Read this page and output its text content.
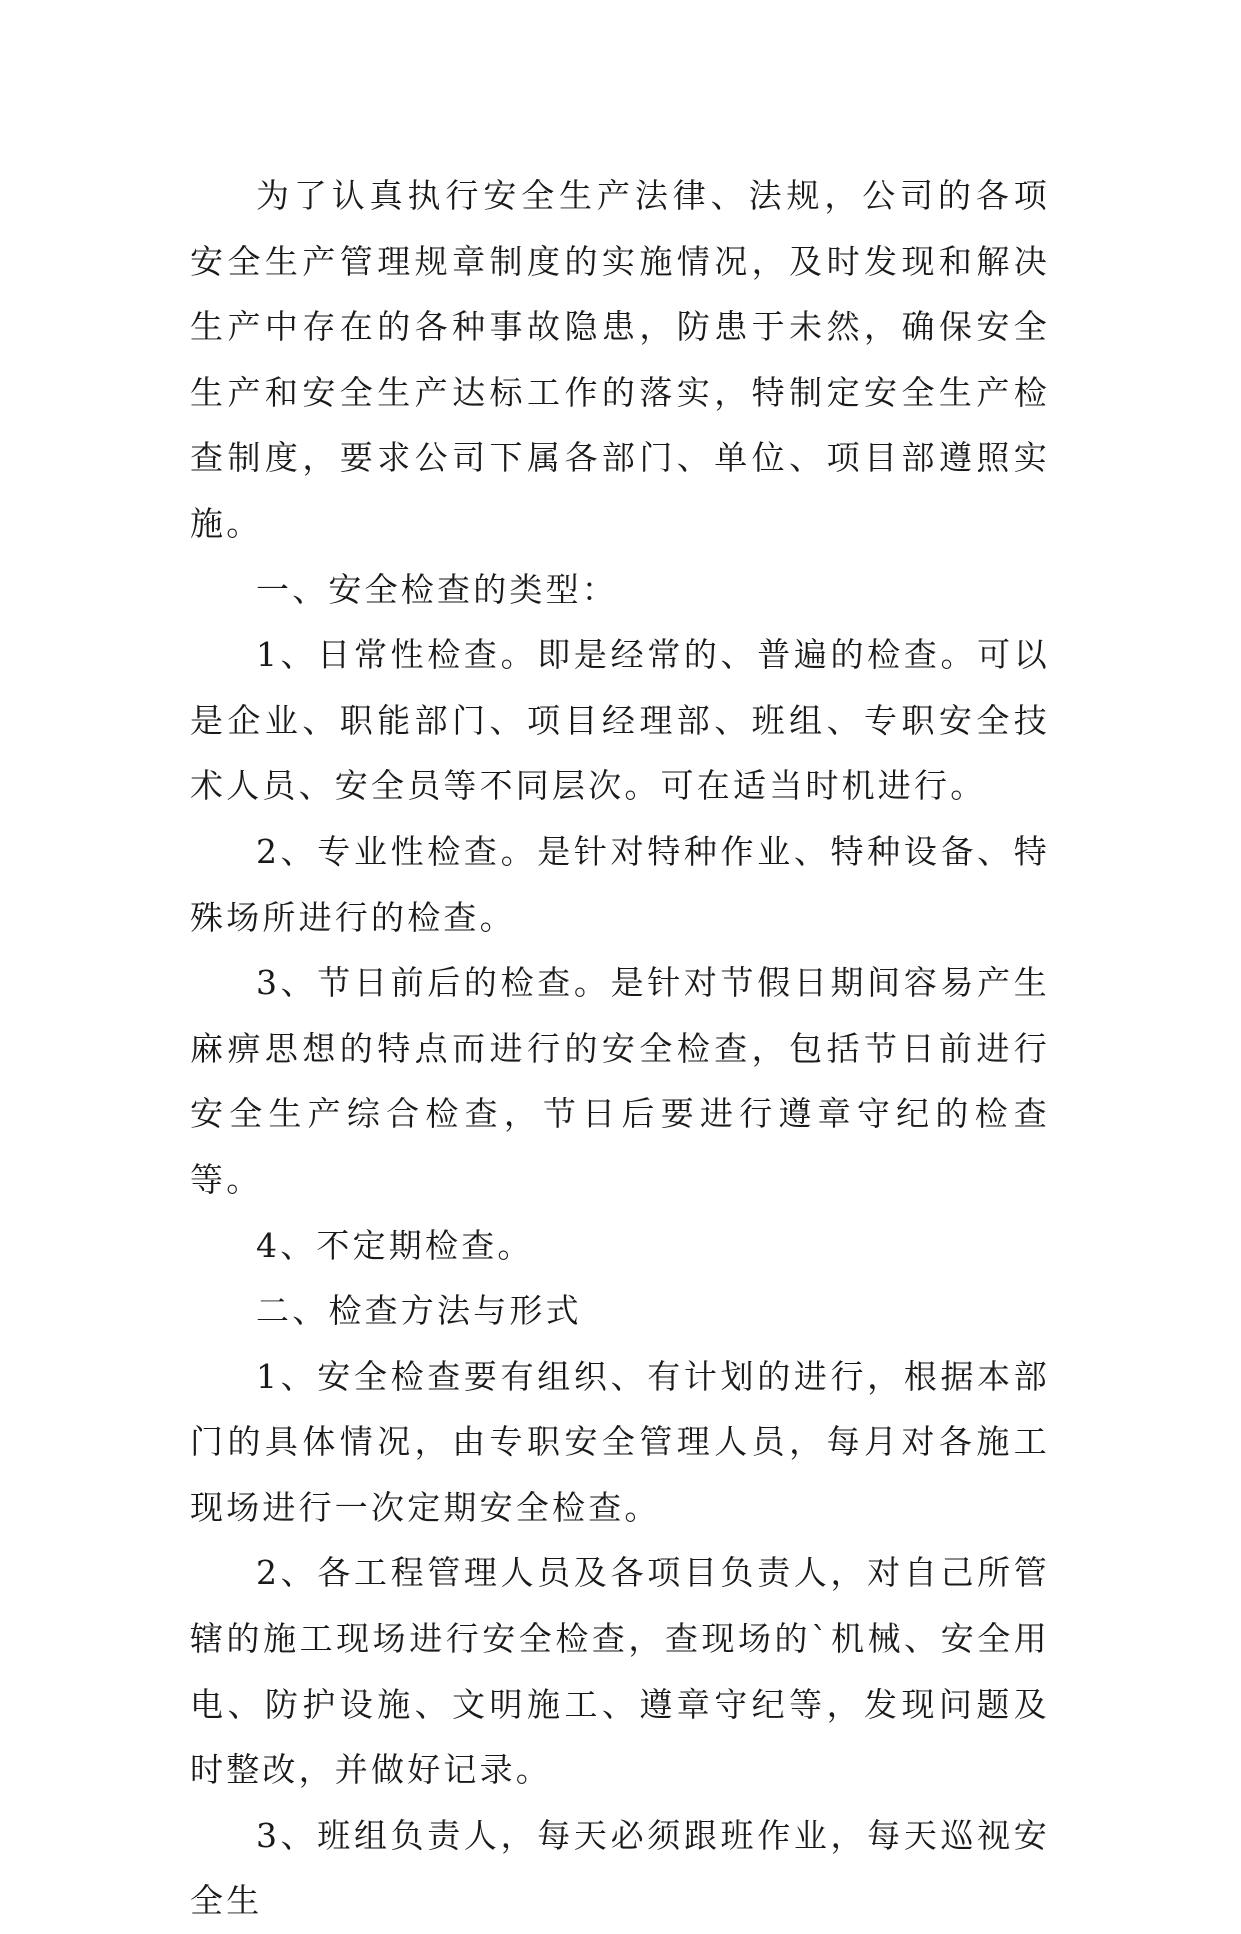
为了认真执行安全生产法律、法规，公司的各项安全生产管理规章制度的实施情况，及时发现和解决生产中存在的各种事故隐患，防患于未然，确保安全生产和安全生产达标工作的落实，特制定安全生产检查制度，要求公司下属各部门、单位、项目部遵照实施。

一、安全检查的类型：

1、日常性检查。即是经常的、普遍的检查。可以是企业、职能部门、项目经理部、班组、专职安全技术人员、安全员等不同层次。可在适当时机进行。

2、专业性检查。是针对特种作业、特种设备、特殊场所进行的检查。

3、节日前后的检查。是针对节假日期间容易产生麻痹思想的特点而进行的安全检查，包括节日前进行安全生产综合检查，节日后要进行遵章守纪的检查等。

4、不定期检查。

二、检查方法与形式

1、安全检查要有组织、有计划的进行，根据本部门的具体情况，由专职安全管理人员，每月对各施工现场进行一次定期安全检查。

2、各工程管理人员及各项目负责人，对自己所管辖的施工现场进行安全检查，查现场的`机械、安全用电、防护设施、文明施工、遵章守纪等，发现问题及时整改，并做好记录。

3、班组负责人，每天必须跟班作业，每天巡视安全生
